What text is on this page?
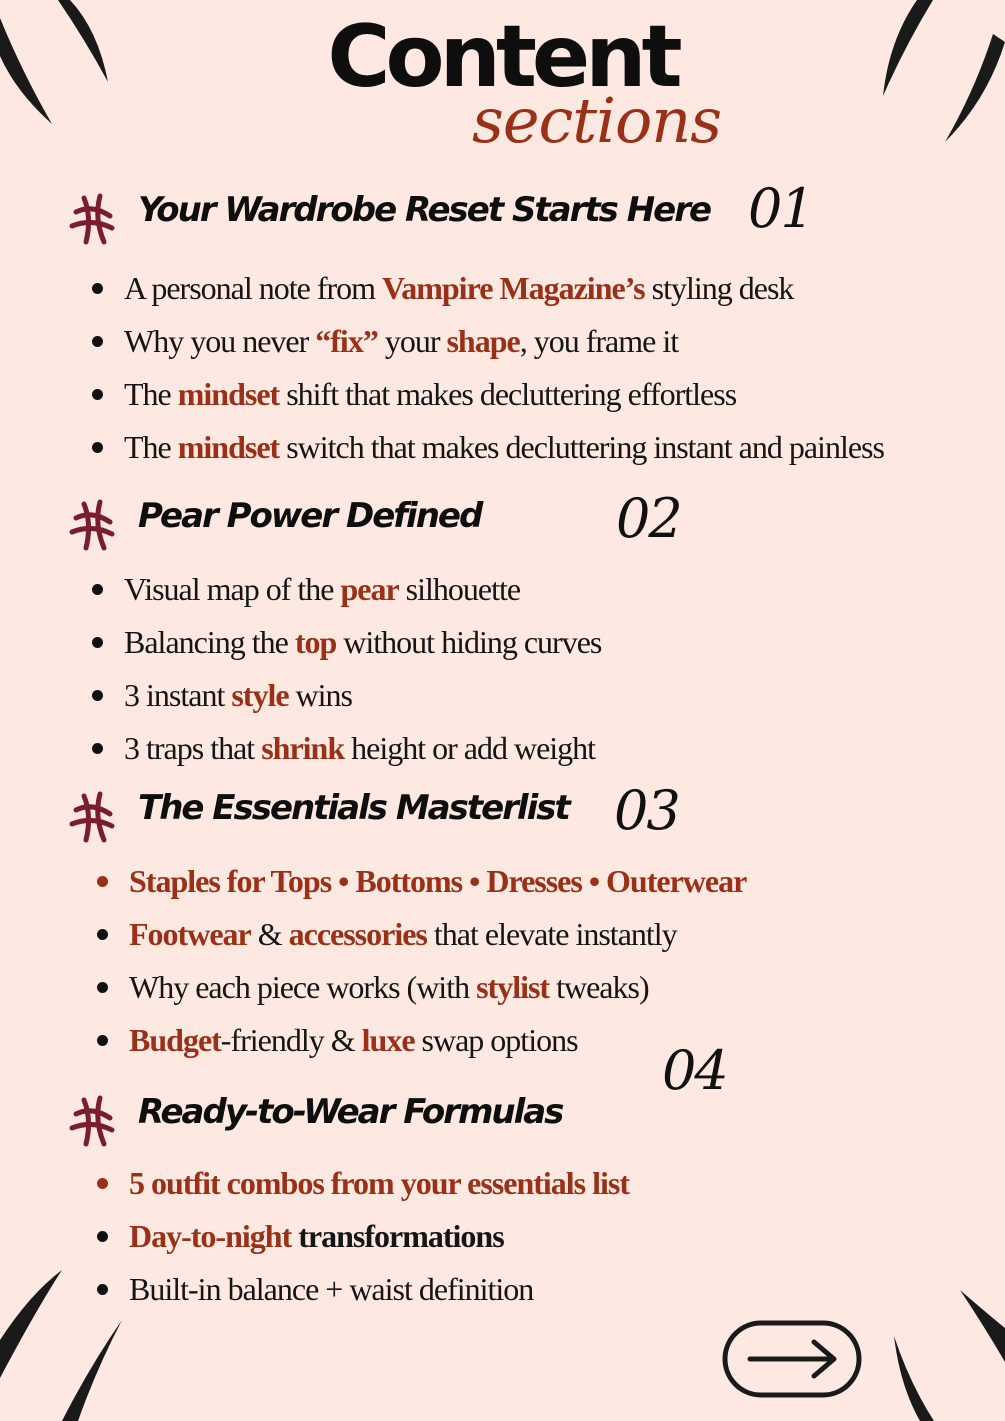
Content
sections
Your Wardrobe Reset Starts Here 01
A personal note from Vampire Magazine’s styling desk
Why you never “fix” your shape, you frame it
The mindset shift that makes decluttering effortless
The mindset switch that makes decluttering instant and painless
Pear Power Defined 02
Visual map of the pear silhouette
Balancing the top without hiding curves
3 instant style wins
3 traps that shrink height or add weight
The Essentials Masterlist 03
Staples for Tops • Bottoms • Dresses • Outerwear
Footwear & accessories that elevate instantly
Why each piece works (with stylist tweaks)
Budget-friendly & luxe swap options
Ready-to-Wear Formulas
04
5 outfit combos from your essentials list
Day-to-night transformations
Built-in balance + waist definition
